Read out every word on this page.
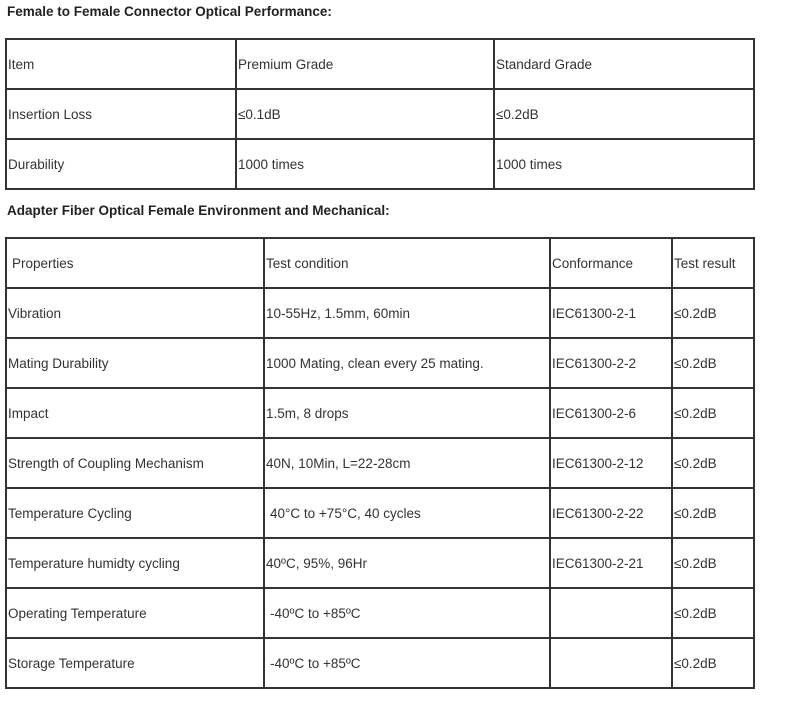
Female to Female Connector Optical Performance:
Item	Premium Grade	Standard Grade
Insertion Loss	≤0.1dB	≤0.2dB
Durability	1000 times	1000 times
Adapter Fiber Optical Female Environment and Mechanical:
Properties	Test condition	Conformance	Test result
Vibration	10-55Hz, 1.5mm, 60min	IEC61300-2-1	≤0.2dB
Mating Durability	1000 Mating, clean every 25 mating.	IEC61300-2-2	≤0.2dB
Impact	1.5m, 8 drops	IEC61300-2-6	≤0.2dB
Strength of Coupling Mechanism	40N, 10Min, L=22-28cm	IEC61300-2-12	≤0.2dB
Temperature Cycling	40°C to +75°C, 40 cycles	IEC61300-2-22	≤0.2dB
Temperature humidty cycling	40ºC, 95%, 96Hr	IEC61300-2-21	≤0.2dB
Operating Temperature	-40ºC to +85ºC		≤0.2dB
Storage Temperature	-40ºC to +85ºC		≤0.2dB
